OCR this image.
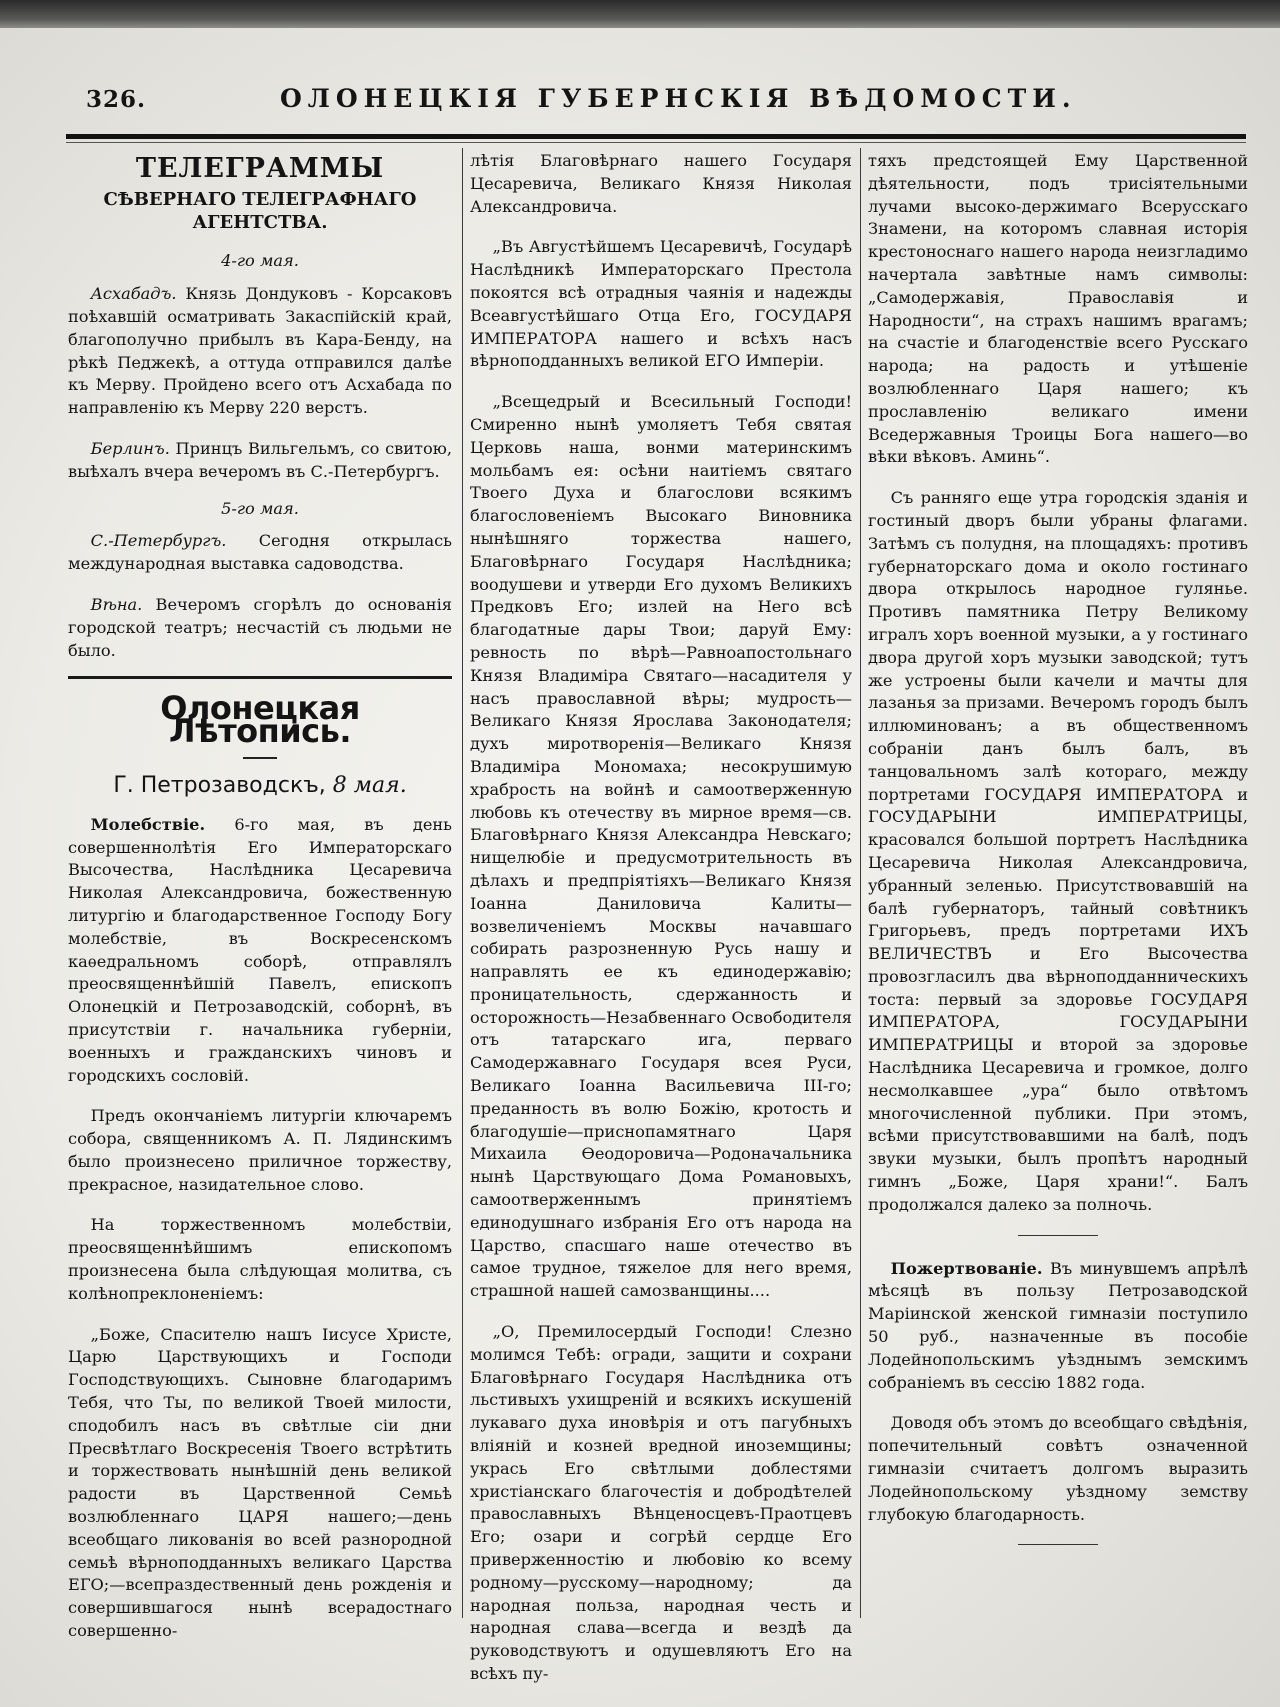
326.	ОЛОНЕЦКІЯ ГУБЕРНСКІЯ ВѢДОМОСТИ.
ТЕЛЕГРАММЫ
СѢВЕРНАГО ТЕЛЕГРАФНАГО АГЕНТСТВА.
4-го мая.

Асхабадъ. Князь Дондуковъ - Корсаковъ поѣхавшій осматривать Закаспійскій край, благополучно прибылъ въ Кара-Бенду, на рѣкѣ Педжекѣ, а оттуда отправился далѣе къ Мерву. Пройдено всего отъ Асхабада по направленію къ Мерву 220 верстъ.

Берлинъ. Принцъ Вильгельмъ, со свитою, выѣхалъ вчера вечеромъ въ С.-Петербургъ.

5-го мая.

С.-Петербургъ. Сегодня открылась международная выставка садоводства.

Вѣна. Вечеромъ сгорѣлъ до основанія городской театръ; несчастій съ людьми не было.

Олонецкая Лѣтопись.
Г. Петрозаводскъ, 8 мая.

Молебствіе. 6-го мая, въ день совершеннолѣтія Его Императорскаго Высочества, Наслѣдника Цесаревича Николая Александровича, божественную литургію и благодарственное Господу Богу молебствіе, въ Воскресенскомъ каѳедральномъ соборѣ, отправлялъ преосвященнѣйшій Павелъ, епископъ Олонецкій и Петрозаводскій, соборнѣ, въ присутствіи г. начальника губерніи, военныхъ и гражданскихъ чиновъ и городскихъ сословій.

Предъ окончаніемъ литургіи ключаремъ собора, священникомъ А. П. Лядинскимъ было произнесено приличное торжеству, прекрасное, назидательное слово.

На торжественномъ молебствіи, преосвященнѣйшимъ епископомъ произнесена была слѣдующая молитва, съ колѣнопреклоненіемъ:

„Боже, Спасителю нашъ Іисусе Христе, Царю Царствующихъ и Господи Господствующихъ. Сыновне благодаримъ Тебя, что Ты, по великой Твоей милости, сподобилъ насъ въ свѣтлые сіи дни Пресвѣтлаго Воскресенія Твоего встрѣтить и торжествовать нынѣшній день великой радости въ Царственной Семьѣ возлюбленнаго ЦАРЯ нашего;—день всеобщаго ликованія во всей разнородной семьѣ вѣрноподданныхъ великаго Царства ЕГО;—всепраздественный день рожденія и совершившагося нынѣ всерадостнаго совершенно-

лѣтія Благовѣрнаго нашего Государя Цесаревича, Великаго Князя Николая Александровича.

„Въ Августѣйшемъ Цесаревичѣ, Государѣ Наслѣдникѣ Императорскаго Престола покоятся всѣ отрадныя чаянія и надежды Всеавгустѣйшаго Отца Его, ГОСУДАРЯ ИМПЕРАТОРА нашего и всѣхъ насъ вѣрноподданныхъ великой ЕГО Имперіи.

„Всещедрый и Всесильный Господи! Смиренно нынѣ умоляетъ Тебя святая Церковь наша, вонми материнскимъ мольбамъ ея: осѣни наитіемъ святаго Твоего Духа и благослови всякимъ благословеніемъ Высокаго Виновника нынѣшняго торжества нашего, Благовѣрнаго Государя Наслѣдника; воодушеви и утверди Его духомъ Великихъ Предковъ Его; излей на Него всѣ благодатные дары Твои; даруй Ему: ревность по вѣрѣ—Равноапостольнаго Князя Владиміра Святаго—насадителя у насъ православной вѣры; мудрость—Великаго Князя Ярослава Законодателя; духъ миротворенія—Великаго Князя Владиміра Мономаха; несокрушимую храбрость на войнѣ и самоотверженную любовь къ отечеству въ мирное время—св. Благовѣрнаго Князя Александра Невскаго; нищелюбіе и предусмотрительность въ дѣлахъ и предпріятіяхъ—Великаго Князя Іоанна Даниловича Калиты—возвеличеніемъ Москвы начавшаго собирать разрозненную Русь нашу и направлять ее къ единодержавію; проницательность, сдержанность и осторожность—Незабвеннаго Освободителя отъ татарскаго ига, перваго Самодержавнаго Государя всея Руси, Великаго Іоанна Васильевича III-го; преданность въ волю Божію, кротость и благодушіе—приснопамятнаго Царя Михаила Ѳеодоровича—Родоначальника нынѣ Царствующаго Дома Романовыхъ, самоотверженнымъ принятіемъ единодушнаго избранія Его отъ народа на Царство, спасшаго наше отечество въ самое трудное, тяжелое для него время, страшной нашей самозванщины....

„О, Премилосердый Господи! Слезно молимся Тебѣ: огради, защити и сохрани Благовѣрнаго Государя Наслѣдника отъ льстивыхъ ухищреній и всякихъ искушеній лукаваго духа иновѣрія и отъ пагубныхъ вліяній и козней вредной иноземщины; укрась Его свѣтлыми доблестями христіанскаго благочестія и добродѣтелей православныхъ Вѣнценосцевъ-Праотцевъ Его; озари и согрѣй сердце Его приверженностію и любовію ко всему родному—русскому—народному; да народная польза, народная честь и народная слава—всегда и вездѣ да руководствуютъ и одушевляютъ Его на всѣхъ пу-

тяхъ предстоящей Ему Царственной дѣятельности, подъ трисіятельными лучами высоко-держимаго Всерусскаго Знамени, на которомъ славная исторія крестоноснаго нашего народа неизгладимо начертала завѣтные намъ символы: „Самодержавія, Православія и Народности“, на страхъ нашимъ врагамъ; на счастіе и благоденствіе всего Русскаго народа; на радость и утѣшеніе возлюбленнаго Царя нашего; къ прославленію великаго имени Вседержавныя Троицы Бога нашего—во вѣки вѣковъ. Аминь“.

Съ ранняго еще утра городскія зданія и гостиный дворъ были убраны флагами. Затѣмъ съ полудня, на площадяхъ: противъ губернаторскаго дома и около гостинаго двора открылось народное гулянье. Противъ памятника Петру Великому игралъ хоръ военной музыки, а у гостинаго двора другой хоръ музыки заводской; тутъ же устроены были качели и мачты для лазанья за призами. Вечеромъ городъ былъ иллюминованъ; а въ общественномъ собраніи данъ былъ балъ, въ танцовальномъ залѣ котораго, между портретами ГОСУДАРЯ ИМПЕРАТОРА и ГОСУДАРЫНИ ИМПЕРАТРИЦЫ, красовался большой портретъ Наслѣдника Цесаревича Николая Александровича, убранный зеленью. Присутствовавшій на балѣ губернаторъ, тайный совѣтникъ Григорьевъ, предъ портретами ИХЪ ВЕЛИЧЕСТВЪ и Его Высочества провозгласилъ два вѣрноподданническихъ тоста: первый за здоровье ГОСУДАРЯ ИМПЕРАТОРА, ГОСУДАРЫНИ ИМПЕРАТРИЦЫ и второй за здоровье Наслѣдника Цесаревича и громкое, долго несмолкавшее „ура“ было отвѣтомъ многочисленной публики. При этомъ, всѣми присутствовавшими на балѣ, подъ звуки музыки, былъ пропѣтъ народный гимнъ „Боже, Царя храни!“. Балъ продолжался далеко за полночь.

Пожертвованіе. Въ минувшемъ апрѣлѣ мѣсяцѣ въ пользу Петрозаводской Маріинской женской гимназіи поступило 50 руб., назначенные въ пособіе Лодейнопольскимъ уѣзднымъ земскимъ собраніемъ въ сессію 1882 года.

Доводя объ этомъ до всеобщаго свѣдѣнія, попечительный совѣтъ означенной гимназіи считаетъ долгомъ выразить Лодейнопольскому уѣздному земству глубокую благодарность.
